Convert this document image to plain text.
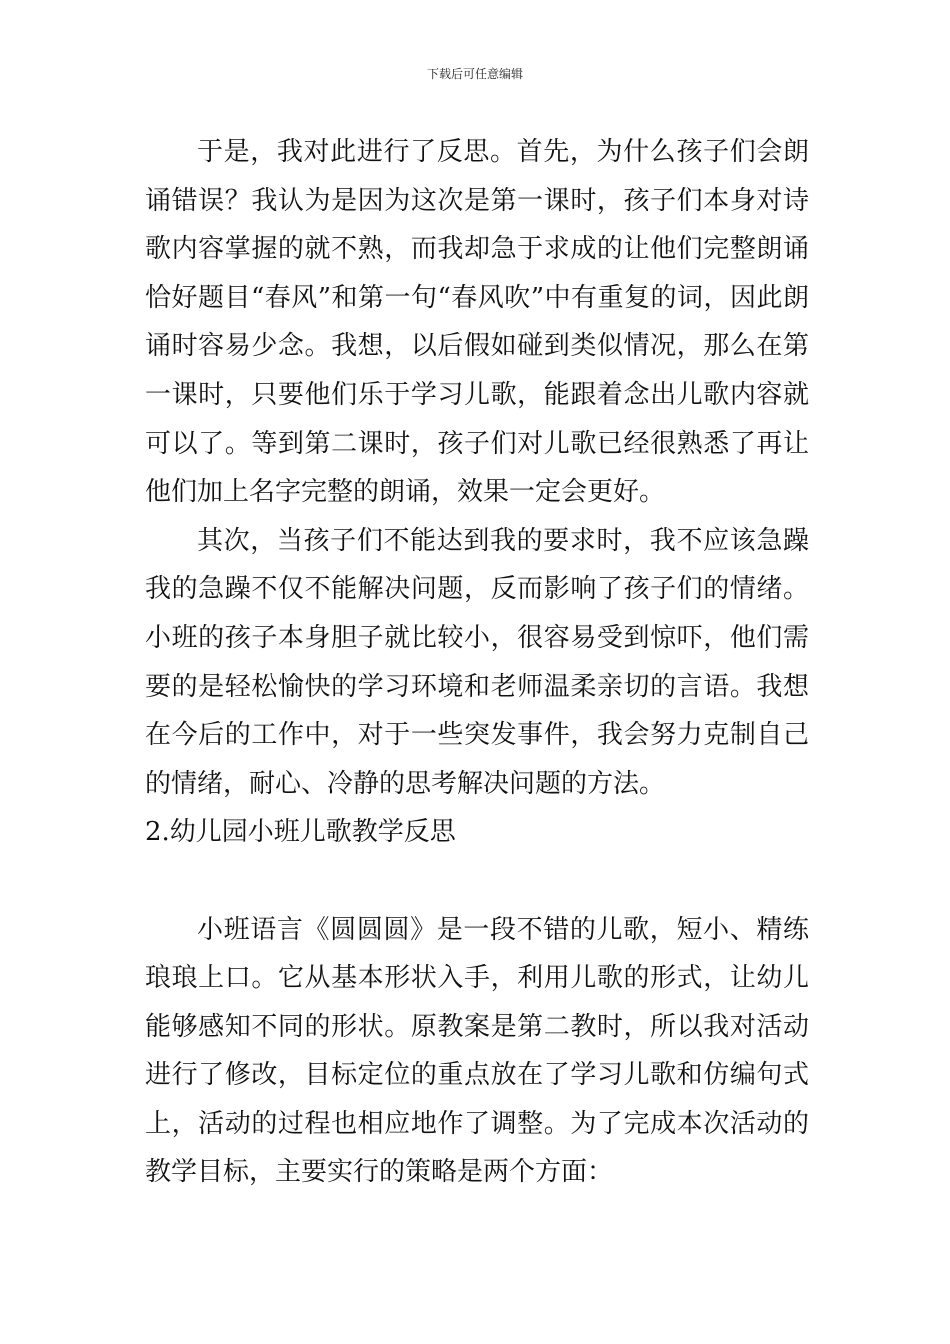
下载后可任意编辑

于是，我对此进行了反思。首先，为什么孩子们会朗诵错误？我认为是因为这次是第一课时，孩子们本身对诗歌内容掌握的就不熟，而我却急于求成的让他们完整朗诵恰好题目“春风”和第一句“春风吹”中有重复的词，因此朗诵时容易少念。我想，以后假如碰到类似情况，那么在第一课时，只要他们乐于学习儿歌，能跟着念出儿歌内容就可以了。等到第二课时，孩子们对儿歌已经很熟悉了再让他们加上名字完整的朗诵，效果一定会更好。

其次，当孩子们不能达到我的要求时，我不应该急躁我的急躁不仅不能解决问题，反而影响了孩子们的情绪。小班的孩子本身胆子就比较小，很容易受到惊吓，他们需要的是轻松愉快的学习环境和老师温柔亲切的言语。我想在今后的工作中，对于一些突发事件，我会努力克制自己的情绪，耐心、冷静的思考解决问题的方法。

2.幼儿园小班儿歌教学反思

小班语言《圆圆圆》是一段不错的儿歌，短小、精练琅琅上口。它从基本形状入手，利用儿歌的形式，让幼儿能够感知不同的形状。原教案是第二教时，所以我对活动进行了修改，目标定位的重点放在了学习儿歌和仿编句式上，活动的过程也相应地作了调整。为了完成本次活动的教学目标，主要实行的策略是两个方面：
